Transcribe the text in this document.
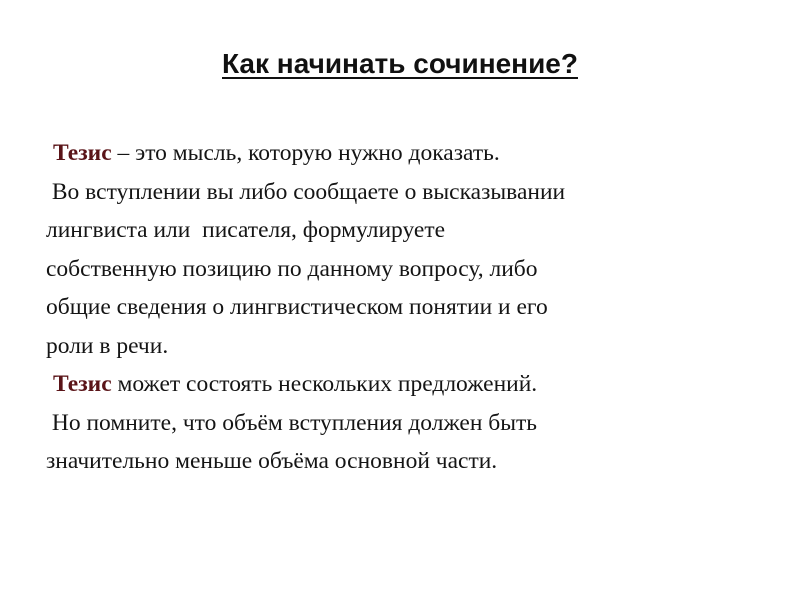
Как начинать сочинение?

Тезис – это мысль, которую нужно доказать.

Во вступлении вы либо сообщаете о высказывании
лингвиста или  писателя, формулируете
собственную позицию по данному вопросу, либо
общие сведения о лингвистическом понятии и его
роли в речи.

Тезис может состоять нескольких предложений.

Но помните, что объём вступления должен быть
значительно меньше объёма основной части.
